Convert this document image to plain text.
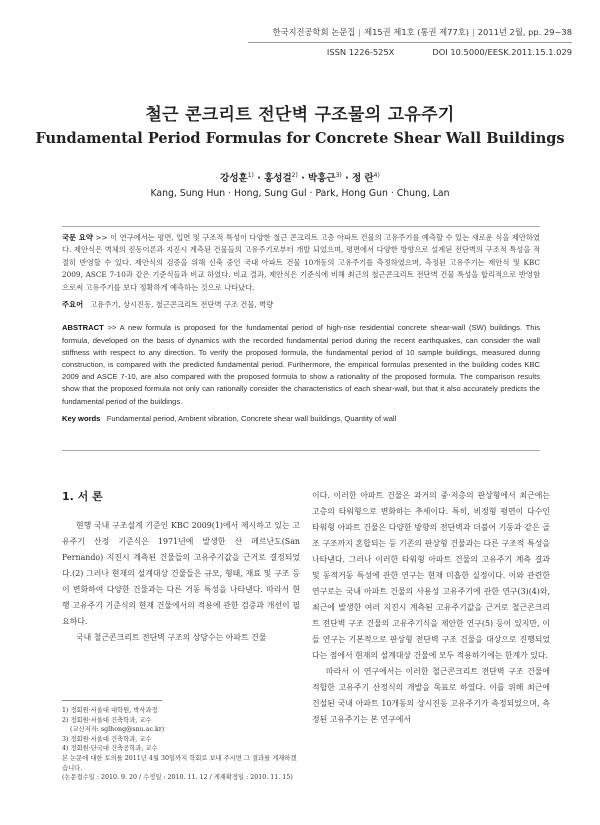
한국지진공학회 논문집 | 제15권 제1호 (통권 제77호) | 2011년 2월, pp. 29~38
ISSN 1226-525X	DOI 10.5000/EESK.2011.15.1.029
철근 콘크리트 전단벽 구조물의 고유주기
Fundamental Period Formulas for Concrete Shear Wall Buildings
강성훈$^{1)}$ · 홍성걸$^{2)}$ · 박홍근$^{3)}$ · 정 란$^{4)}$
Kang, Sung Hun · Hong, Sung Gul · Park, Hong Gun · Chung, Lan

국문 요약 >> 이 연구에서는 평면, 입면 및 구조적 특성이 다양한 철근 콘크리트 고층 아파트 건물의 고유주기를 예측할 수 있는 새로운 식을 제안하였다. 제안식은 벽체의 진동이론과 지진시 계측된 건물들의 고유주기로부터 개발 되었으며, 평면에서 다양한 방향으로 설계된 전단벽의 구조적 특성을 적절히 반영할 수 있다. 제안식의 검증을 위해 신축 중인 국내 아파트 건물 10개동의 고유주기를 측정하였으며, 측정된 고유주기는 제안식 및 KBC 2009, ASCE 7-10과 같은 기준식들과 비교 하였다. 비교 결과, 제안식은 기준식에 비해 최근의 철근콘크리트 전단벽 건물 특성을 합리적으로 반영함으로써 고유주기를 보다 정확하게 예측하는 것으로 나타났다.

주요어 고유주기, 상시진동, 철근콘크리트 전단벽 구조 건물, 벽량

ABSTRACT >> A new formula is proposed for the fundamental period of high-rise residential concrete shear-wall (SW) buildings. This formula, developed on the basis of dynamics with the recorded fundamental period during the recent earthquakes, can consider the wall stiffness with respect to any direction. To verify the proposed formula, the fundamental period of 10 sample buildings, measured during construction, is compared with the predicted fundamental period. Furthermore, the empirical formulas presented in the building codes KBC 2009 and ASCE 7-10, are also compared with the proposed formula to show a rationality of the proposed formula. The comparison results show that the proposed formula not only can rationally consider the characteristics of each shear-wall, but that it also accurately predicts the fundamental period of the buildings.

Key words Fundamental period, Ambient vibration, Concrete shear wall buildings, Quantity of wall

1. 서 론

현행 국내 구조설계 기준인 KBC 2009(1)에서 제시하고 있는 고유주기 산정 기준식은 1971년에 발생한 산 페르난도(San Fernando) 지진시 계측된 건물들의 고유주기값을 근거로 결정되었다.(2) 그러나 현재의 설계대상 건물들은 규모, 형태, 재료 및 구조 등이 변화하여 다양한 건물과는 다른 거동 특성을 나타낸다. 따라서 현행 고유주기 기준식의 현재 건물에서의 적용에 관한 검증과 개선이 필요하다.

국내 철근콘크리트 전단벽 구조의 상당수는 아파트 건물

이다. 이러한 아파트 건물은 과거의 중·저층의 판상형에서 최근에는 고층의 타워형으로 변화하는 추세이다. 특히, 비정형 평면이 다수인 타워형 아파트 건물은 다양한 방향의 전단벽과 더불어 기둥과 같은 골조 구조까지 혼합되는 등 기존의 판상형 건물과는 다른 구조적 특성을 나타낸다. 그러나 이러한 타워형 아파트 건물의 고유주기 계측 결과 및 동적거동 특성에 관한 연구는 현재 미흡한 실정이다. 이와 관련한 연구로는 국내 아파트 건물의 사용성 고유주기에 관한 연구(3)(4)와, 최근에 발생한 여러 지진시 계측된 고유주기값을 근거로 철근콘크리트 전단벽 구조 건물의 고유주기식을 제안한 연구(5) 등이 있지만, 이들 연구는 기본적으로 판상형 전단벽 구조 건물을 대상으로 진행되었다는 점에서 현재의 설계대상 건물에 모두 적용하기에는 한계가 있다.

따라서 이 연구에서는 이러한 철근콘크리트 전단벽 구조 건물에 적합한 고유주기 산정식의 개발을 목표로 하였다. 이를 위해 최근에 건설된 국내 아파트 10개동의 상시진동 고유주기가 측정되었으며, 측정된 고유주기는 본 연구에서

1) 정회원·서울대 대학원, 박사과정

2) 정회원·서울대 건축학과, 교수

(교신저자: sglhong@snu.ac.kr)

3) 정회원·서울대 건축학과, 교수

4) 정회원·단국대 건축공학과, 교수

본 논문에 대한 토의를 2011년 4월 30일까지 학회로 보내 주시면 그 결과를 게재하겠습니다.

(논문접수일 : 2010. 9. 20 / 수정일 : 2010. 11. 12 / 게재확정일 : 2010. 11. 15)
